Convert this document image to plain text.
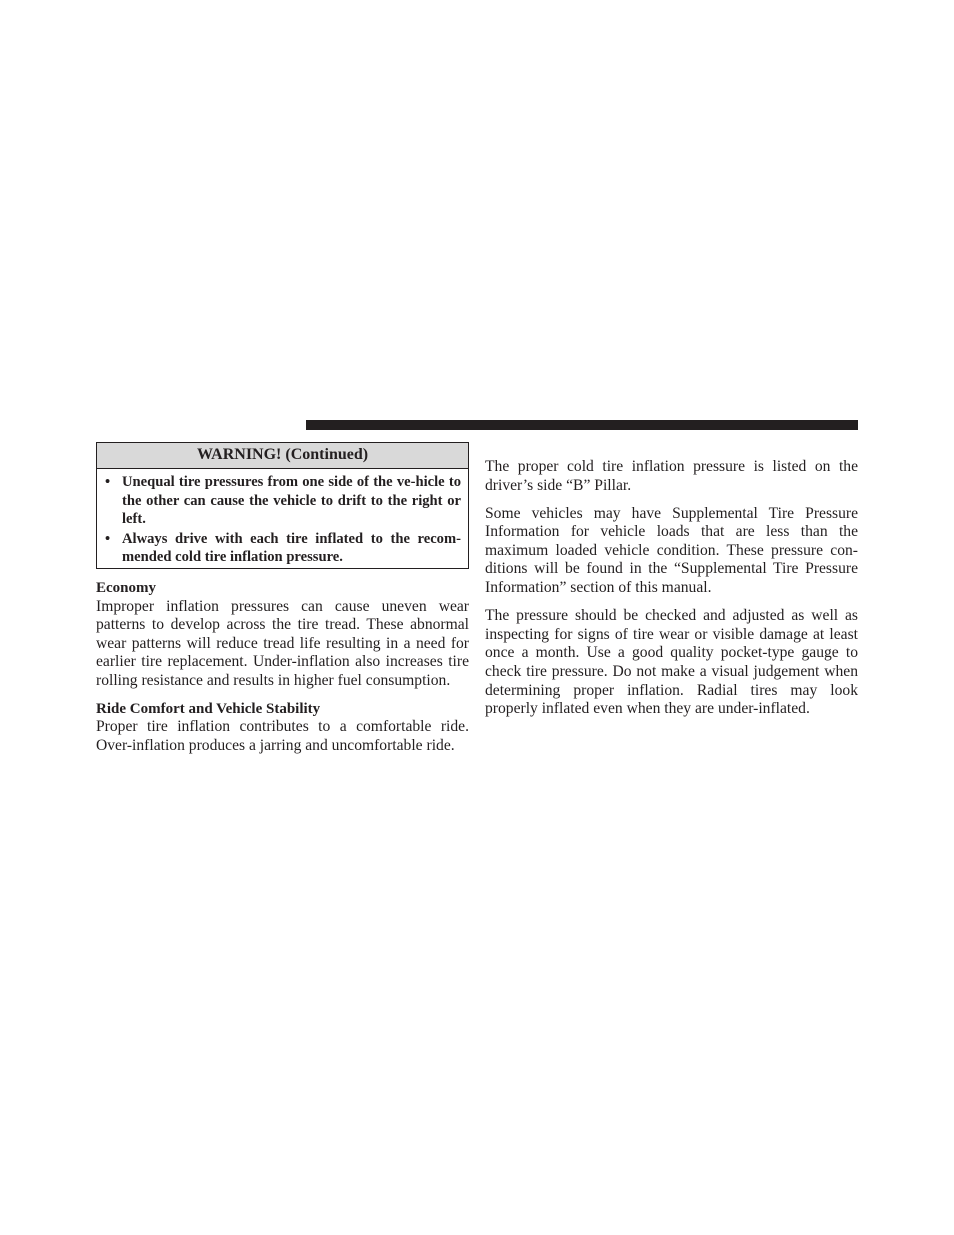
WARNING! (Continued)
• Unequal tire pressures from one side of the ve-hicle to the other can cause the vehicle to drift to the right or left.
• Always drive with each tire inflated to the recom-mended cold tire inflation pressure.

Economy

Improper inflation pressures can cause uneven wear patterns to develop across the tire tread. These abnormal wear patterns will reduce tread life resulting in a need for earlier tire replacement. Under-inflation also increases tire rolling resistance and results in higher fuel consumption.

Ride Comfort and Vehicle Stability

Proper tire inflation contributes to a comfortable ride. Over-inflation produces a jarring and uncomfortable ride.

The proper cold tire inflation pressure is listed on the driver’s side “B” Pillar.

Some vehicles may have Supplemental Tire Pressure Information for vehicle loads that are less than the maximum loaded vehicle condition. These pressure con-ditions will be found in the “Supplemental Tire Pressure Information” section of this manual.

The pressure should be checked and adjusted as well as inspecting for signs of tire wear or visible damage at least once a month. Use a good quality pocket-type gauge to check tire pressure. Do not make a visual judgement when determining proper inflation. Radial tires may look properly inflated even when they are under-inflated.
